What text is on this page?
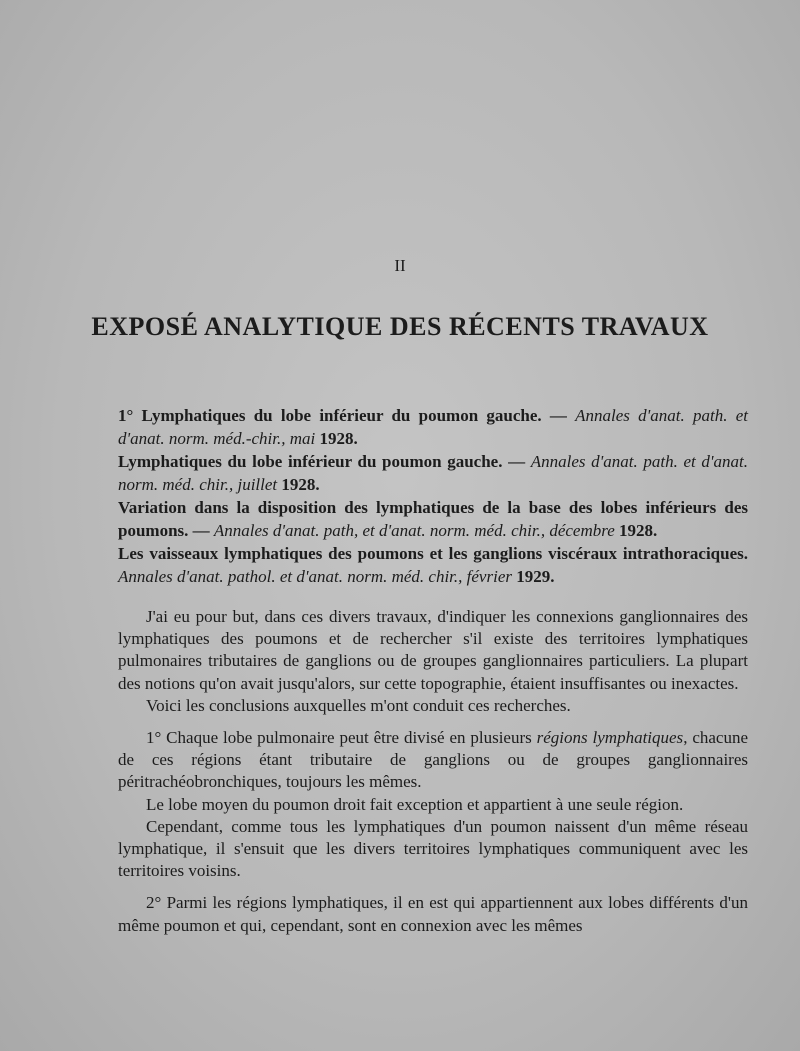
II
EXPOSÉ ANALYTIQUE DES RÉCENTS TRAVAUX

1° Lymphatiques du lobe inférieur du poumon gauche. — Annales d'anat. path. et d'anat. norm. méd.-chir., mai 1928.

Lymphatiques du lobe inférieur du poumon gauche. — Annales d'anat. path. et d'anat. norm. méd. chir., juillet 1928.

Variation dans la disposition des lymphatiques de la base des lobes inférieurs des poumons. — Annales d'anat. path, et d'anat. norm. méd. chir., décembre 1928.

Les vaisseaux lymphatiques des poumons et les ganglions viscéraux intrathoraciques. Annales d'anat. pathol. et d'anat. norm. méd. chir., février 1929.

J'ai eu pour but, dans ces divers travaux, d'indiquer les connexions ganglionnaires des lymphatiques des poumons et de rechercher s'il existe des territoires lymphatiques pulmonaires tributaires de ganglions ou de groupes ganglionnaires particuliers. La plupart des notions qu'on avait jusqu'alors, sur cette topographie, étaient insuffisantes ou inexactes.

Voici les conclusions auxquelles m'ont conduit ces recherches.

1° Chaque lobe pulmonaire peut être divisé en plusieurs régions lymphatiques, chacune de ces régions étant tributaire de ganglions ou de groupes ganglionnaires péritrachéobronchiques, toujours les mêmes.

Le lobe moyen du poumon droit fait exception et appartient à une seule région.

Cependant, comme tous les lymphatiques d'un poumon naissent d'un même réseau lymphatique, il s'ensuit que les divers territoires lymphatiques communiquent avec les territoires voisins.

2° Parmi les régions lymphatiques, il en est qui appartiennent aux lobes différents d'un même poumon et qui, cependant, sont en connexion avec les mêmes
